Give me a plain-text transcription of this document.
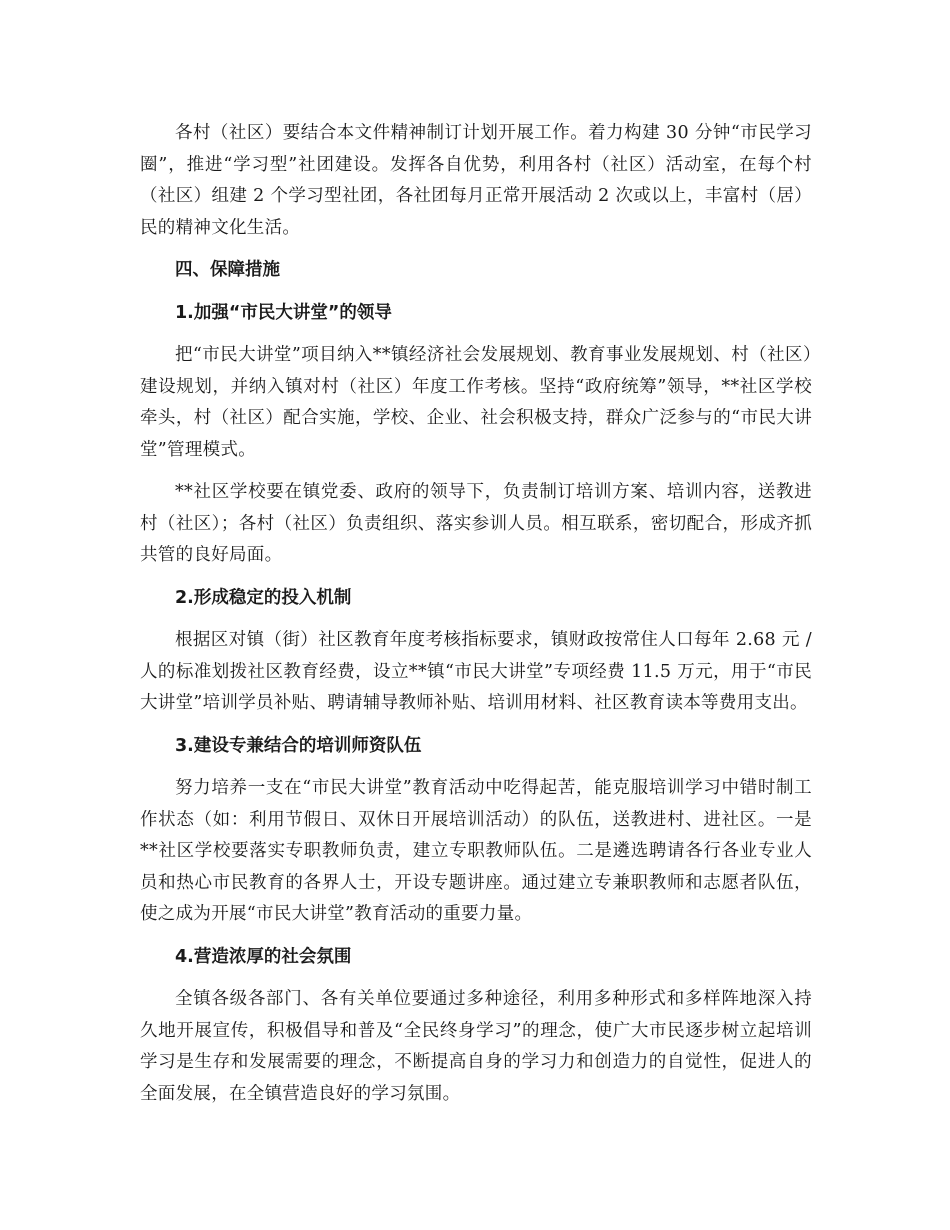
各村（社区）要结合本文件精神制订计划开展工作。着力构建 30 分钟“市民学习圈”，推进“学习型”社团建设。发挥各自优势，利用各村（社区）活动室，在每个村（社区）组建 2 个学习型社团，各社团每月正常开展活动 2 次或以上，丰富村（居）民的精神文化生活。

四、保障措施
1.加强“市民大讲堂”的领导

把“市民大讲堂”项目纳入**镇经济社会发展规划、教育事业发展规划、村（社区）建设规划，并纳入镇对村（社区）年度工作考核。坚持“政府统筹”领导，**社区学校牵头，村（社区）配合实施，学校、企业、社会积极支持，群众广泛参与的“市民大讲堂”管理模式。

**社区学校要在镇党委、政府的领导下，负责制订培训方案、培训内容，送教进村（社区）；各村（社区）负责组织、落实参训人员。相互联系，密切配合，形成齐抓共管的良好局面。

2.形成稳定的投入机制

根据区对镇（街）社区教育年度考核指标要求，镇财政按常住人口每年 2.68 元 / 人的标准划拨社区教育经费，设立**镇“市民大讲堂”专项经费 11.5 万元，用于“市民大讲堂”培训学员补贴、聘请辅导教师补贴、培训用材料、社区教育读本等费用支出。

3.建设专兼结合的培训师资队伍

努力培养一支在“市民大讲堂”教育活动中吃得起苦，能克服培训学习中错时制工作状态（如：利用节假日、双休日开展培训活动）的队伍，送教进村、进社区。一是**社区学校要落实专职教师负责，建立专职教师队伍。二是遴选聘请各行各业专业人员和热心市民教育的各界人士，开设专题讲座。通过建立专兼职教师和志愿者队伍，使之成为开展“市民大讲堂”教育活动的重要力量。

4.营造浓厚的社会氛围

全镇各级各部门、各有关单位要通过多种途径，利用多种形式和多样阵地深入持久地开展宣传，积极倡导和普及“全民终身学习”的理念，使广大市民逐步树立起培训学习是生存和发展需要的理念，不断提高自身的学习力和创造力的自觉性，促进人的全面发展，在全镇营造良好的学习氛围。
